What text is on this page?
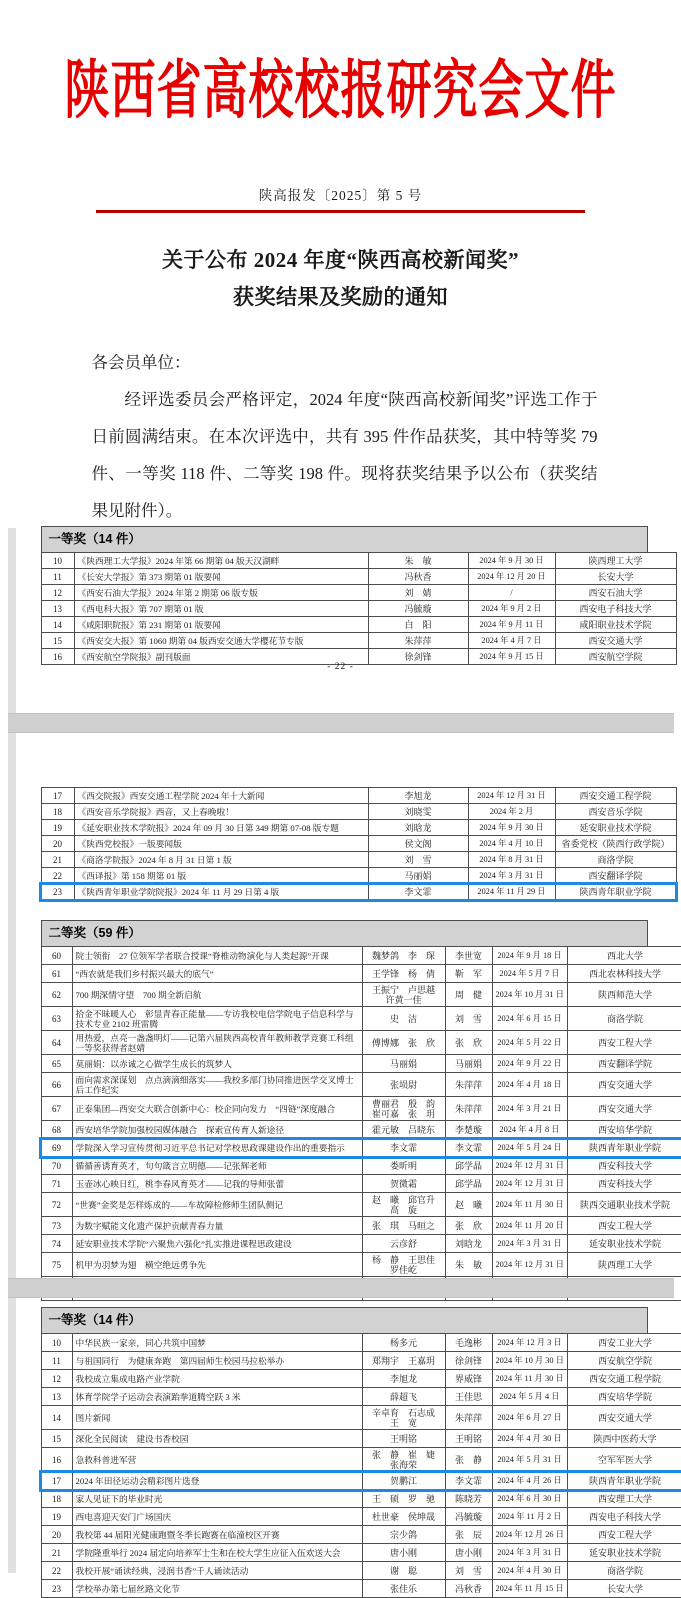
陕西省高校校报研究会文件
陕高报发〔2025〕第 5 号
关于公布 2024 年度“陕西高校新闻奖”
获奖结果及奖励的通知

各会员单位：

经评选委员会严格评定，2024 年度“陕西高校新闻奖”评选工作于日前圆满结束。在本次评选中，共有 395 件作品获奖，其中特等奖 79 件、一等奖 118 件、二等奖 198 件。现将获奖结果予以公布（获奖结果见附件）。

一等奖（14 件）
10	《陕西理工大学报》2024 年第 66 期第 04 版天汉湖畔	朱　敏	2024 年 9 月 30 日	陕西理工大学
11	《长安大学报》第 373 期第 01 版要闻	冯秋香	2024 年 12 月 20 日	长安大学
12	《西安石油大学报》2024 年第 2 期第 06 版专版	刘　婧	/	西安石油大学
13	《西电科大报》第 707 期第 01 版	冯毓璇	2024 年 9 月 2 日	西安电子科技大学
14	《咸阳职院报》第 231 期第 01 版要闻	白　阳	2024 年 9 月 11 日	咸阳职业技术学院
15	《西安交大报》第 1060 期第 04 版西安交通大学樱花节专版	朱萍萍	2024 年 4 月 7 日	西安交通大学
16	《西安航空学院报》副刊版面	徐剑锋	2024 年 9 月 15 日	西安航空学院
- 22 -
17	《西交院报》西安交通工程学院 2024 年十大新闻	李旭龙	2024 年 12 月 31 日	西安交通工程学院
18	《西安音乐学院报》西音，又上春晚啦！	刘晓雯	2024 年 2 月	西安音乐学院
19	《延安职业技术学院报》2024 年 09 月 30 日第 349 期第 07-08 版专题	刘晗龙	2024 年 9 月 30 日	延安职业技术学院
20	《陕西党校报》一版要闻版	侯文阁	2024 年 4 月 10 日	省委党校（陕西行政学院）
21	《商洛学院报》2024 年 8 月 31 日第 1 版	刘　雪	2024 年 8 月 31 日	商洛学院
22	《西译报》第 158 期第 01 版	马丽娟	2024 年 3 月 31 日	西安翻译学院
23	《陕西青年职业学院院报》2024 年 11 月 29 日第 4 版	李文霏	2024 年 11 月 29 日	陕西青年职业学院
二等奖（59 件）
60	院士领衔　27 位领军学者联合授课“脊椎动物演化与人类起源”开课	魏梦鸽　李　琛	李世宽	2024 年 9 月 18 日	西北大学
61	“西农就是我们乡村振兴最大的底气”	王学锋　杨　倩	靳　军	2024 年 5 月 7 日	西北农林科技大学
62	700 期深情守望　700 期全新启航	王振宁　卢思越　许黄一佳	周　健	2024 年 10 月 31 日	陕西师范大学
63	拾金不昧暖人心　彰显青春正能量——专访我校电信学院电子信息科学与技术专业 2102 班雷腾	史　洁	刘　雪	2024 年 6 月 15 日	商洛学院
64	用热爱，点亮一盏盏明灯——记第六届陕西高校青年教师教学竞赛工科组一等奖获得者赵婧	傅博娜　张　欣	张　欣	2024 年 5 月 22 日	西安工程大学
65	莫丽娟：以赤诚之心做学生成长的筑梦人	马丽娟	马丽娟	2024 年 9 月 22 日	西安翻译学院
66	面向需求深谋划　点点滴滴细落实——我校多部门协同推进医学交叉博士后工作纪实	张埙尉	朱萍萍	2024 年 4 月 18 日	西安交通大学
67	正泰集团—西安交大联合创新中心：校企同向发力　“四链”深度融合	曹丽君　殷　韵　崔可嘉　张　玥	朱萍萍	2024 年 3 月 21 日	西安交通大学
68	西安培华学院加强校园媒体融合　探索宣传育人新途径	霍元敏　吕晓东	李楚璇	2024 年 4 月 8 日	西安培华学院
69	学院深入学习宣传贯彻习近平总书记对学校思政课建设作出的重要指示	李文霏	李文霏	2024 年 5 月 24 日	陕西青年职业学院
70	循循善诱育英才，句句箴言立明德——记张辉老师	娄昕明	邱学晶	2024 年 12 月 31 日	西安科技大学
71	玉壶冰心映日红，桃李春风育英才——记我的导师张蕾	贺微霜	邱学晶	2024 年 12 月 31 日	西安科技大学
72	“世赛”金奖是怎样炼成的——车故障检修师生团队侧记	赵　曦　邱官升　高　旋	赵　曦	2024 年 11 月 30 日	陕西交通职业技术学院
73	为数字赋能文化遗产保护贡献青春力量	张　琪　马晅之	张　欣	2024 年 11 月 20 日	西安工程大学
74	延安职业技术学院“六聚焦六强化”扎实推进课程思政建设	云彦舒	刘晗龙	2024 年 3 月 31 日	延安职业技术学院
75	机甲为羽梦为翅　横空绝远勇争先	杨　静　王思佳　罗佳屹	朱　敏	2024 年 12 月 31 日	陕西理工大学

一等奖（14 件）
10	中华民族一家亲，同心共筑中国梦	杨多元	毛逸彬	2024 年 12 月 3 日	西安工业大学
11	与祖国同行　为健康奔跑　第四届师生校园马拉松举办	郑翔宇　王嘉玥	徐剑锋	2024 年 10 月 30 日	西安航空学院
12	我校成立集成电路产业学院	李旭龙	界威锋	2024 年 11 月 30 日	西安交通工程学院
13	体育学院学子运动会表演跆拳道腾空跃 3 米	薛超飞	王佳思	2024 年 5 月 4 日	西安培华学院
14	图片新闻	辛卓育　石志成　王　宽	朱萍萍	2024 年 6 月 27 日	西安交通大学
15	深化全民阅读　建设书香校园	王明铭	王明铭	2024 年 4 月 30 日	陕西中医药大学
16	急救科普进军营	张　静　崔　婕　张海荣	张　静	2024 年 5 月 31 日	空军军医大学
17	2024 年田径运动会精彩图片选登	贺鹏江	李文霏	2024 年 4 月 26 日	陕西青年职业学院
18	家人见证下的毕业时光	王　硕　罗　驰	陈晓芳	2024 年 6 月 30 日	西安理工大学
19	西电喜迎天安门广场国庆	杜世豪　侯坤晟	冯毓璇	2024 年 11 月 2 日	西安电子科技大学
20	我校第 44 届阳光健康跑暨冬季长跑赛在临潼校区开赛	宗少鸽	张　辰	2024 年 12 月 26 日	西安工程大学
21	学院隆重举行 2024 届定向培养军士生和在校大学生应征入伍欢送大会	唐小刚	唐小刚	2024 年 3 月 31 日	延安职业技术学院
22	我校开展“诵读经典，浸润书香”千人诵读活动	谢　聪	刘　雪	2024 年 4 月 30 日	商洛学院
23	学校举办第七届丝路文化节	张佳乐	冯秋香	2024 年 11 月 15 日	长安大学
